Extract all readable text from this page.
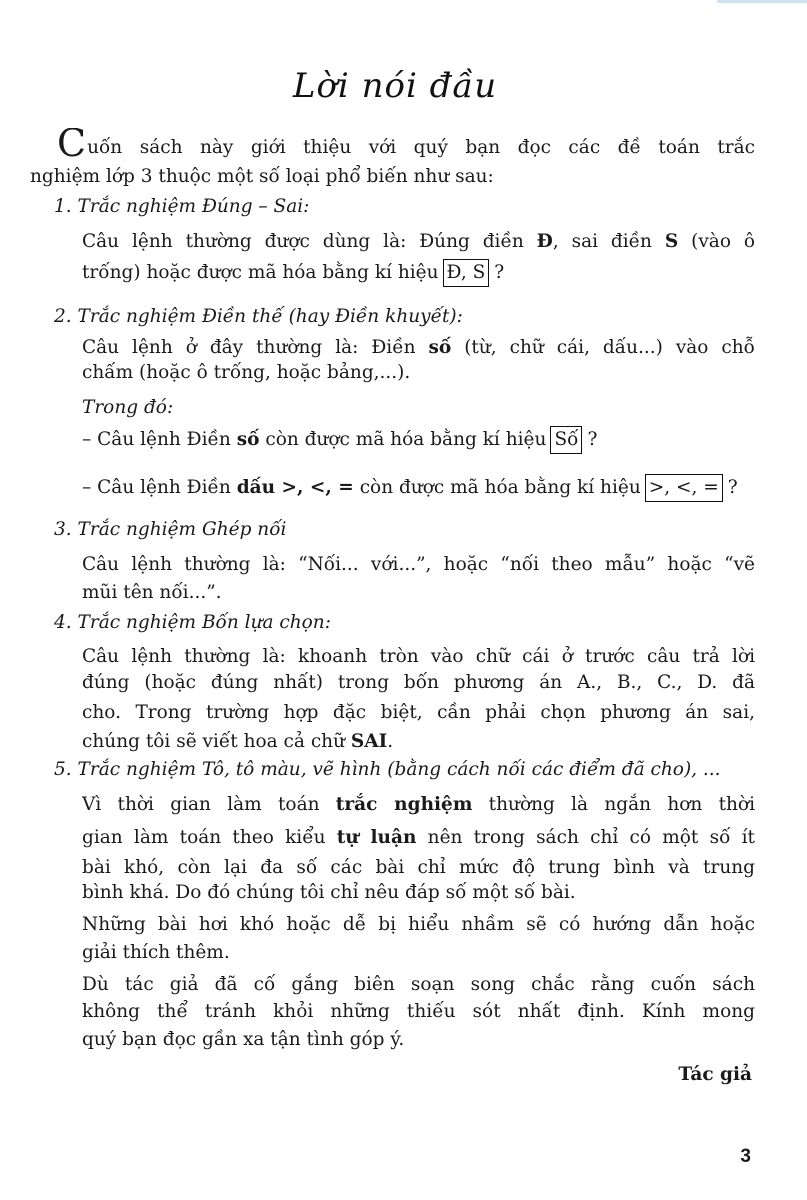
Lời nói đầu
Cuốn sách này giới thiệu với quý bạn đọc các đề toán trắc
nghiệm lớp 3 thuộc một số loại phổ biến như sau:
1. Trắc nghiệm Đúng – Sai:
Câu lệnh thường được dùng là: Đúng điền Đ, sai điền S (vào ô
trống) hoặc được mã hóa bằng kí hiệu Đ, S ?
2. Trắc nghiệm Điền thế (hay Điền khuyết):
Câu lệnh ở đây thường là: Điền số (từ, chữ cái, dấu...) vào chỗ
chấm (hoặc ô trống, hoặc bảng,...).
Trong đó:
– Câu lệnh Điền số còn được mã hóa bằng kí hiệu Số ?
– Câu lệnh Điền dấu >, <, = còn được mã hóa bằng kí hiệu >, <, = ?
3. Trắc nghiệm Ghép nối
Câu lệnh thường là: “Nối... với...”, hoặc “nối theo mẫu” hoặc “vẽ
mũi tên nối...”.
4. Trắc nghiệm Bốn lựa chọn:
Câu lệnh thường là: khoanh tròn vào chữ cái ở trước câu trả lời
đúng (hoặc đúng nhất) trong bốn phương án A., B., C., D. đã
cho. Trong trường hợp đặc biệt, cần phải chọn phương án sai,
chúng tôi sẽ viết hoa cả chữ SAI.
5. Trắc nghiệm Tô, tô màu, vẽ hình (bằng cách nối các điểm đã cho), ...
Vì thời gian làm toán trắc nghiệm thường là ngắn hơn thời
gian làm toán theo kiểu tự luận nên trong sách chỉ có một số ít
bài khó, còn lại đa số các bài chỉ mức độ trung bình và trung
bình khá. Do đó chúng tôi chỉ nêu đáp số một số bài.
Những bài hơi khó hoặc dễ bị hiểu nhầm sẽ có hướng dẫn hoặc
giải thích thêm.
Dù tác giả đã cố gắng biên soạn song chắc rằng cuốn sách
không thể tránh khỏi những thiếu sót nhất định. Kính mong
quý bạn đọc gần xa tận tình góp ý.
Tác giả
3
